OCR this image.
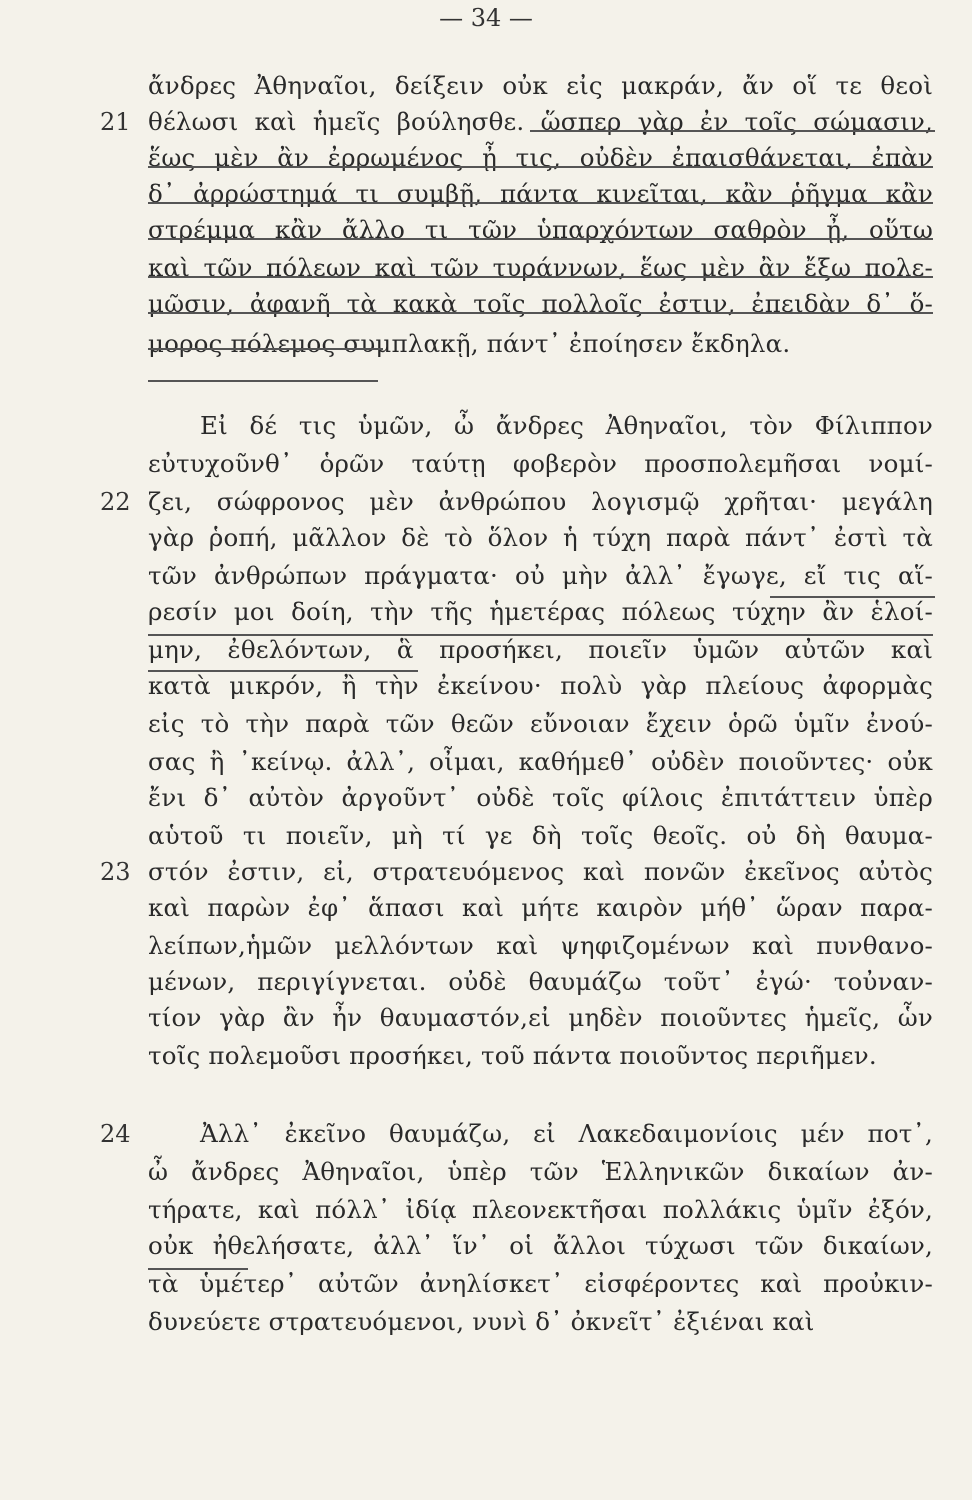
— 34 —
ἄνδρες Ἀθηναῖοι, δείξειν οὐκ εἰς μακράν, ἄν οἵ τε θεοὶ
θέλωσι καὶ ἡμεῖς βούλησθε. ὥσπερ γὰρ ἐν τοῖς σώμασιν,
ἕως μὲν ἂν ἐρρωμένος ᾖ τις, οὐδὲν ἐπαισθάνεται, ἐπὰν
δ᾽ ἀρρώστημά τι συμβῇ, πάντα κινεῖται, κἂν ῥῆγμα κἂν
στρέμμα κἂν ἄλλο τι τῶν ὑπαρχόντων σαθρὸν ᾖ, οὕτω
καὶ τῶν πόλεων καὶ τῶν τυράννων, ἕως μὲν ἂν ἔξω πολε-
μῶσιν, ἀφανῆ τὰ κακὰ τοῖς πολλοῖς ἐστιν, ἐπειδὰν δ᾽ ὅ-
μορος πόλεμος συμπλακῇ, πάντ᾽ ἐποίησεν ἔκδηλα.
Εἰ δέ τις ὑμῶν, ὦ ἄνδρες Ἀθηναῖοι, τὸν Φίλιππον
εὐτυχοῦνθ᾽ ὁρῶν ταύτῃ φοβερὸν προσπολεμῆσαι νομί-
ζει, σώφρονος μὲν ἀνθρώπου λογισμῷ χρῆται· μεγάλη
γὰρ ῥοπή, μᾶλλον δὲ τὸ ὅλον ἡ τύχη παρὰ πάντ᾽ ἐστὶ τὰ
τῶν ἀνθρώπων πράγματα· οὐ μὴν ἀλλ᾽ ἔγωγε, εἴ τις αἵ-
ρεσίν μοι δοίη, τὴν τῆς ἡμετέρας πόλεως τύχην ἂν ἑλοί-
μην, ἐθελόντων, ἃ προσήκει, ποιεῖν ὑμῶν αὐτῶν καὶ
κατὰ μικρόν, ἢ τὴν ἐκείνου· πολὺ γὰρ πλείους ἀφορμὰς
εἰς τὸ τὴν παρὰ τῶν θεῶν εὔνοιαν ἔχειν ὁρῶ ὑμῖν ἐνού-
σας ἢ ᾽κείνῳ. ἀλλ᾽, οἶμαι, καθήμεθ᾽ οὐδὲν ποιοῦντες· οὐκ
ἔνι δ᾽ αὐτὸν ἀργοῦντ᾽ οὐδὲ τοῖς φίλοις ἐπιτάττειν ὑπὲρ
αὑτοῦ τι ποιεῖν, μὴ τί γε δὴ τοῖς θεοῖς. οὐ δὴ θαυμα-
στόν ἐστιν, εἰ, στρατευόμενος καὶ πονῶν ἐκεῖνος αὐτὸς
καὶ παρὼν ἐφ᾽ ἅπασι καὶ μήτε καιρὸν μήθ᾽ ὥραν παρα-
λείπων,ἡμῶν μελλόντων καὶ ψηφιζομένων καὶ πυνθανο-
μένων, περιγίγνεται. οὐδὲ θαυμάζω τοῦτ᾽ ἐγώ· τοὐναν-
τίον γὰρ ἂν ἦν θαυμαστόν,εἰ μηδὲν ποιοῦντες ἡμεῖς, ὧν
τοῖς πολεμοῦσι προσήκει, τοῦ πάντα ποιοῦντος περιῆμεν.
Ἀλλ᾽ ἐκεῖνο θαυμάζω, εἰ Λακεδαιμονίοις μέν ποτ᾽,
ὦ ἄνδρες Ἀθηναῖοι, ὑπὲρ τῶν Ἑλληνικῶν δικαίων ἀν-
τήρατε, καὶ πόλλ᾽ ἰδίᾳ πλεονεκτῆσαι πολλάκις ὑμῖν ἐξόν,
οὐκ ἠθελήσατε, ἀλλ᾽ ἵν᾽ οἱ ἄλλοι τύχωσι τῶν δικαίων,
τὰ ὑμέτερ᾽ αὐτῶν ἀνηλίσκετ᾽ εἰσφέροντες καὶ προὐκιν-
δυνεύετε στρατευόμενοι, νυνὶ δ᾽ ὀκνεῖτ᾽ ἐξιέναι καὶ
21
22
23
24
